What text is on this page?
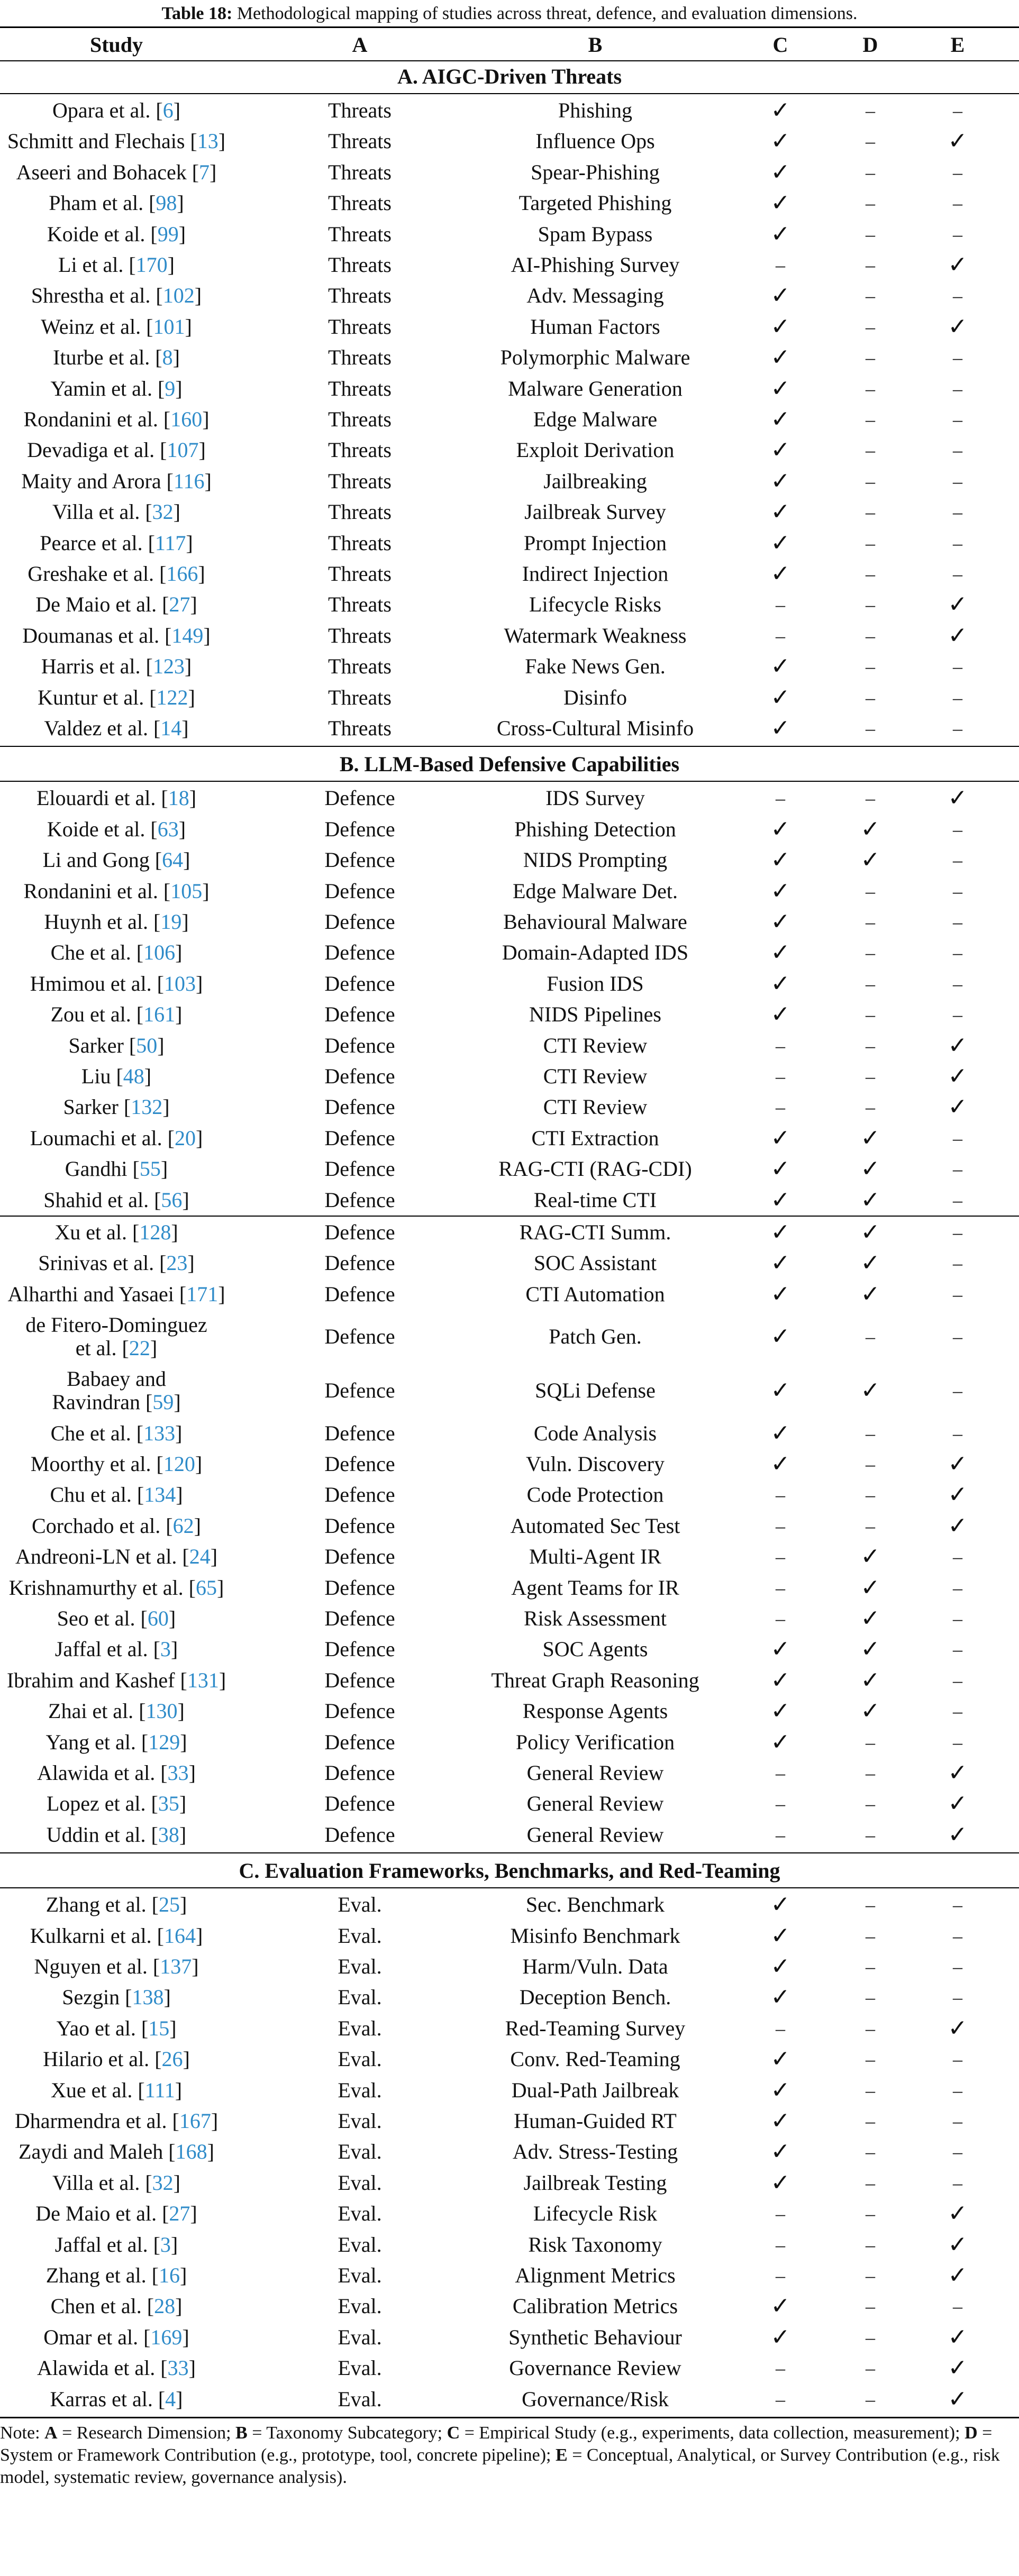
Table 18: Methodological mapping of studies across threat, defence, and evaluation dimensions.
Note: A = Research Dimension; B = Taxonomy Subcategory; C = Empirical Study (e.g., experiments, data collection, measurement); D = System or Framework Contribution (e.g., prototype, tool, concrete pipeline); E = Conceptual, Analytical, or Survey Contribution (e.g., risk model, systematic review, governance analysis).
Study	A	B	C	D	E
A. AIGC-Driven Threats
Opara et al. [6]	Threats	Phishing	✓	–	–
Schmitt and Flechais [13]	Threats	Influence Ops	✓	–	✓
Aseeri and Bohacek [7]	Threats	Spear-Phishing	✓	–	–
Pham et al. [98]	Threats	Targeted Phishing	✓	–	–
Koide et al. [99]	Threats	Spam Bypass	✓	–	–
Li et al. [170]	Threats	AI-Phishing Survey	–	–	✓
Shrestha et al. [102]	Threats	Adv. Messaging	✓	–	–
Weinz et al. [101]	Threats	Human Factors	✓	–	✓
Iturbe et al. [8]	Threats	Polymorphic Malware	✓	–	–
Yamin et al. [9]	Threats	Malware Generation	✓	–	–
Rondanini et al. [160]	Threats	Edge Malware	✓	–	–
Devadiga et al. [107]	Threats	Exploit Derivation	✓	–	–
Maity and Arora [116]	Threats	Jailbreaking	✓	–	–
Villa et al. [32]	Threats	Jailbreak Survey	✓	–	–
Pearce et al. [117]	Threats	Prompt Injection	✓	–	–
Greshake et al. [166]	Threats	Indirect Injection	✓	–	–
De Maio et al. [27]	Threats	Lifecycle Risks	–	–	✓
Doumanas et al. [149]	Threats	Watermark Weakness	–	–	✓
Harris et al. [123]	Threats	Fake News Gen.	✓	–	–
Kuntur et al. [122]	Threats	Disinfo	✓	–	–
Valdez et al. [14]	Threats	Cross-Cultural Misinfo	✓	–	–
B. LLM-Based Defensive Capabilities
Elouardi et al. [18]	Defence	IDS Survey	–	–	✓
Koide et al. [63]	Defence	Phishing Detection	✓	✓	–
Li and Gong [64]	Defence	NIDS Prompting	✓	✓	–
Rondanini et al. [105]	Defence	Edge Malware Det.	✓	–	–
Huynh et al. [19]	Defence	Behavioural Malware	✓	–	–
Che et al. [106]	Defence	Domain-Adapted IDS	✓	–	–
Hmimou et al. [103]	Defence	Fusion IDS	✓	–	–
Zou et al. [161]	Defence	NIDS Pipelines	✓	–	–
Sarker [50]	Defence	CTI Review	–	–	✓
Liu [48]	Defence	CTI Review	–	–	✓
Sarker [132]	Defence	CTI Review	–	–	✓
Loumachi et al. [20]	Defence	CTI Extraction	✓	✓	–
Gandhi [55]	Defence	RAG-CTI (RAG-CDI)	✓	✓	–
Shahid et al. [56]	Defence	Real-time CTI	✓	✓	–
Xu et al. [128]	Defence	RAG-CTI Summ.	✓	✓	–
Srinivas et al. [23]	Defence	SOC Assistant	✓	✓	–
Alharthi and Yasaei [171]	Defence	CTI Automation	✓	✓	–
de Fitero-Dominguez
et al. [22]	Defence	Patch Gen.	✓	–	–
Babaey and
Ravindran [59]	Defence	SQLi Defense	✓	✓	–
Che et al. [133]	Defence	Code Analysis	✓	–	–
Moorthy et al. [120]	Defence	Vuln. Discovery	✓	–	✓
Chu et al. [134]	Defence	Code Protection	–	–	✓
Corchado et al. [62]	Defence	Automated Sec Test	–	–	✓
Andreoni-LN et al. [24]	Defence	Multi-Agent IR	–	✓	–
Krishnamurthy et al. [65]	Defence	Agent Teams for IR	–	✓	–
Seo et al. [60]	Defence	Risk Assessment	–	✓	–
Jaffal et al. [3]	Defence	SOC Agents	✓	✓	–
Ibrahim and Kashef [131]	Defence	Threat Graph Reasoning	✓	✓	–
Zhai et al. [130]	Defence	Response Agents	✓	✓	–
Yang et al. [129]	Defence	Policy Verification	✓	–	–
Alawida et al. [33]	Defence	General Review	–	–	✓
Lopez et al. [35]	Defence	General Review	–	–	✓
Uddin et al. [38]	Defence	General Review	–	–	✓
C. Evaluation Frameworks, Benchmarks, and Red-Teaming
Zhang et al. [25]	Eval.	Sec. Benchmark	✓	–	–
Kulkarni et al. [164]	Eval.	Misinfo Benchmark	✓	–	–
Nguyen et al. [137]	Eval.	Harm/Vuln. Data	✓	–	–
Sezgin [138]	Eval.	Deception Bench.	✓	–	–
Yao et al. [15]	Eval.	Red-Teaming Survey	–	–	✓
Hilario et al. [26]	Eval.	Conv. Red-Teaming	✓	–	–
Xue et al. [111]	Eval.	Dual-Path Jailbreak	✓	–	–
Dharmendra et al. [167]	Eval.	Human-Guided RT	✓	–	–
Zaydi and Maleh [168]	Eval.	Adv. Stress-Testing	✓	–	–
Villa et al. [32]	Eval.	Jailbreak Testing	✓	–	–
De Maio et al. [27]	Eval.	Lifecycle Risk	–	–	✓
Jaffal et al. [3]	Eval.	Risk Taxonomy	–	–	✓
Zhang et al. [16]	Eval.	Alignment Metrics	–	–	✓
Chen et al. [28]	Eval.	Calibration Metrics	✓	–	–
Omar et al. [169]	Eval.	Synthetic Behaviour	✓	–	✓
Alawida et al. [33]	Eval.	Governance Review	–	–	✓
Karras et al. [4]	Eval.	Governance/Risk	–	–	✓
